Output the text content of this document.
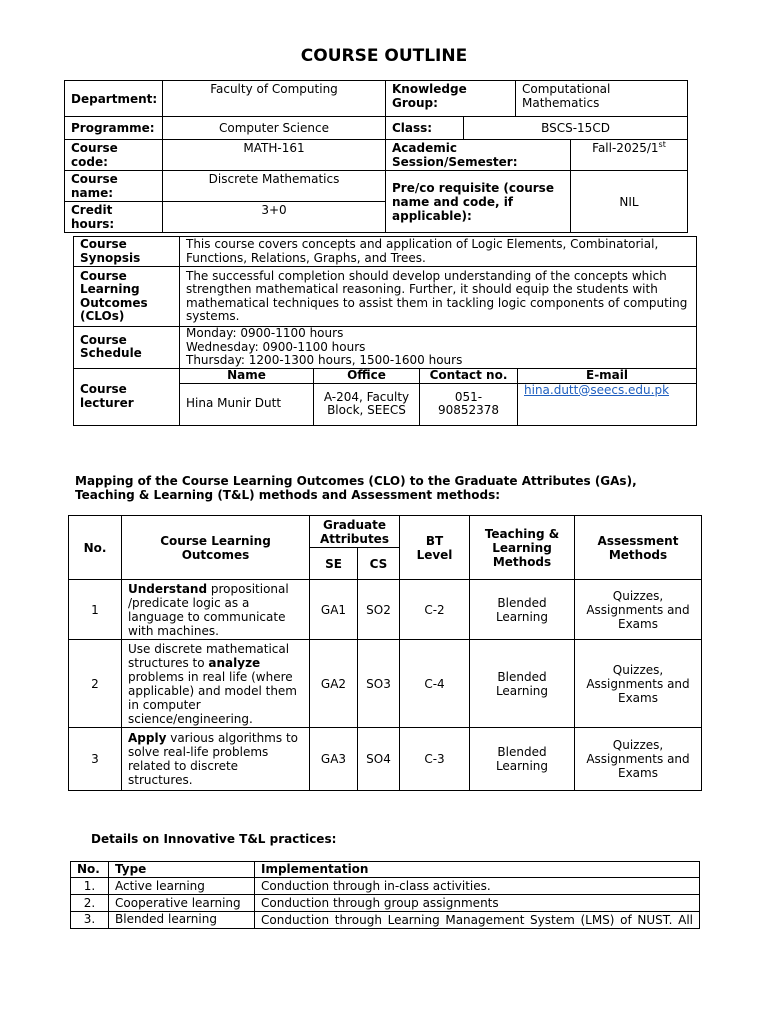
COURSE OUTLINE
Department:	Faculty of Computing	Knowledge Group:		Computational Mathematics	
Programme:	Computer Science	Class:	BSCS-15CD		
Course code:	MATH-161	Academic Session/Semester:			Fall-2025/1st
Course name:	Discrete Mathematics	Pre/co requisite (course name and code, if applicable):			NIL
Credit hours:	3+0				
Course Synopsis	This course covers concepts and application of Logic Elements, Combinatorial, Functions, Relations, Graphs, and Trees.			
Course Learning Outcomes (CLOs)	The successful completion should develop understanding of the concepts which strengthen mathematical reasoning. Further, it should equip the students with mathematical techniques to assist them in tackling logic components of computing systems.			
Course Schedule	Monday: 0900-1100 hours
Wednesday: 0900-1100 hours
Thursday: 1200-1300 hours, 1500-1600 hours			

Course lecturer	Name	Office	Contact no.	E-mail
	Hina Munir Dutt	A-204, Faculty Block, SEECS	051-90852378	hina.dutt@seecs.edu.pk
Mapping of the Course Learning Outcomes (CLO) to the Graduate Attributes (GAs), Teaching & Learning (T&L) methods and Assessment methods:
No.	Course Learning Outcomes	Graduate Attributes		BT Level	Teaching & Learning Methods	Assessment Methods
		SE	CS			
1	Understand propositional /predicate logic as a language to communicate with machines.	GA1	SO2	C-2	Blended Learning	Quizzes, Assignments and Exams
2	Use discrete mathematical structures to analyze problems in real life (where applicable) and model them in computer science/engineering.	GA2	SO3	C-4	Blended Learning	Quizzes, Assignments and Exams
3	Apply various algorithms to solve real-life problems related to discrete structures.	GA3	SO4	C-3	Blended Learning	Quizzes, Assignments and Exams
Details on Innovative T&L practices:
No.	Type	Implementation
1.	Active learning	Conduction through in-class activities.
2.	Cooperative learning	Conduction through group assignments
3.	Blended learning	Conduction through Learning Management System (LMS) of NUST. All
